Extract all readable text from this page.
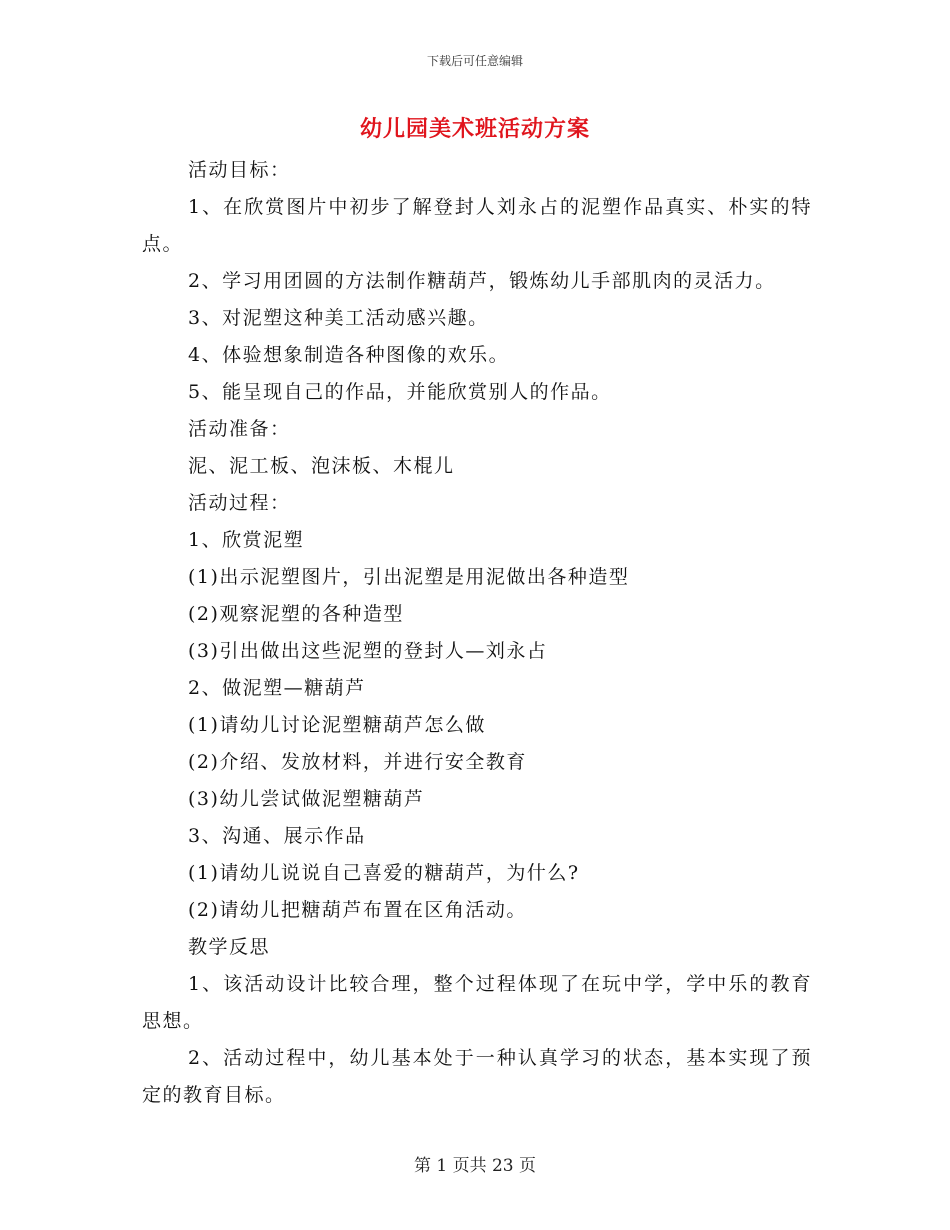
下载后可任意编辑
幼儿园美术班活动方案

活动目标：

1、在欣赏图片中初步了解登封人刘永占的泥塑作品真实、朴实的特点。

2、学习用团圆的方法制作糖葫芦，锻炼幼儿手部肌肉的灵活力。

3、对泥塑这种美工活动感兴趣。

4、体验想象制造各种图像的欢乐。

5、能呈现自己的作品，并能欣赏别人的作品。

活动准备：

泥、泥工板、泡沫板、木棍儿

活动过程：

1、欣赏泥塑

(1)出示泥塑图片，引出泥塑是用泥做出各种造型

(2)观察泥塑的各种造型

(3)引出做出这些泥塑的登封人—刘永占

2、做泥塑—糖葫芦

(1)请幼儿讨论泥塑糖葫芦怎么做

(2)介绍、发放材料，并进行安全教育

(3)幼儿尝试做泥塑糖葫芦

3、沟通、展示作品

(1)请幼儿说说自己喜爱的糖葫芦，为什么?

(2)请幼儿把糖葫芦布置在区角活动。

教学反思

1、该活动设计比较合理，整个过程体现了在玩中学，学中乐的教育思想。

2、活动过程中，幼儿基本处于一种认真学习的状态，基本实现了预定的教育目标。

第 1 页共 23 页
